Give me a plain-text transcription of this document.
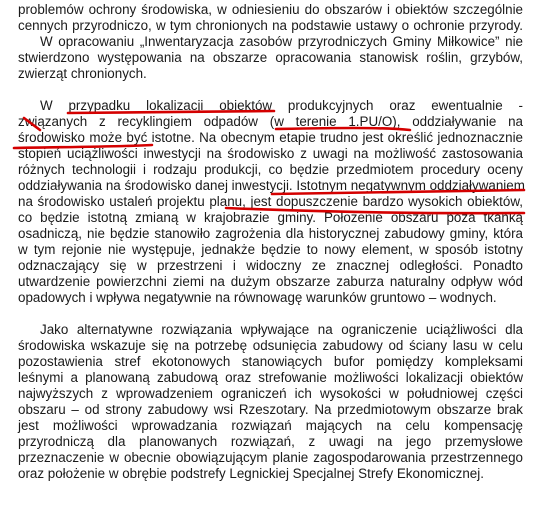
problemów ochrony środowiska, w odniesieniu do obszarów i obiektów szczególnie
cennych przyrodniczo, w tym chronionych na podstawie ustawy o ochronie przyrody.
W opracowaniu „Inwentaryzacja zasobów przyrodniczych Gminy Miłkowice” nie
stwierdzono występowania na obszarze opracowania stanowisk roślin, grzybów,
zwierząt chronionych.
W przypadku lokalizacji obiektów produkcyjnych oraz ewentualnie -
związanych z recyklingiem odpadów (w terenie 1.PU/O), oddziaływanie na
środowisko może być istotne. Na obecnym etapie trudno jest określić jednoznacznie
stopień uciążliwości inwestycji na środowisko z uwagi na możliwość zastosowania
różnych technologii i rodzaju produkcji, co będzie przedmiotem procedury oceny
oddziaływania na środowisko danej inwestycji. Istotnym negatywnym oddziaływaniem
na środowisko ustaleń projektu planu, jest dopuszczenie bardzo wysokich obiektów,
co będzie istotną zmianą w krajobrazie gminy. Położenie obszaru poza tkanką
osadniczą, nie będzie stanowiło zagrożenia dla historycznej zabudowy gminy, która
w tym rejonie nie występuje, jednakże będzie to nowy element, w sposób istotny
odznaczający się w przestrzeni i widoczny ze znacznej odległości. Ponadto
utwardzenie powierzchni ziemi na dużym obszarze zaburza naturalny odpływ wód
opadowych i wpływa negatywnie na równowagę warunków gruntowo – wodnych.
Jako alternatywne rozwiązania wpływające na ograniczenie uciążliwości dla
środowiska wskazuje się na potrzebę odsunięcia zabudowy od ściany lasu w celu
pozostawienia stref ekotonowych stanowiących bufor pomiędzy kompleksami
leśnymi a planowaną zabudową oraz strefowanie możliwości lokalizacji obiektów
najwyższych z wprowadzeniem ograniczeń ich wysokości w południowej części
obszaru – od strony zabudowy wsi Rzeszotary. Na przedmiotowym obszarze brak
jest możliwości wprowadzania rozwiązań mających na celu kompensację
przyrodniczą dla planowanych rozwiązań, z uwagi na jego przemysłowe
przeznaczenie w obecnie obowiązującym planie zagospodarowania przestrzennego
oraz położenie w obrębie podstrefy Legnickiej Specjalnej Strefy Ekonomicznej.
